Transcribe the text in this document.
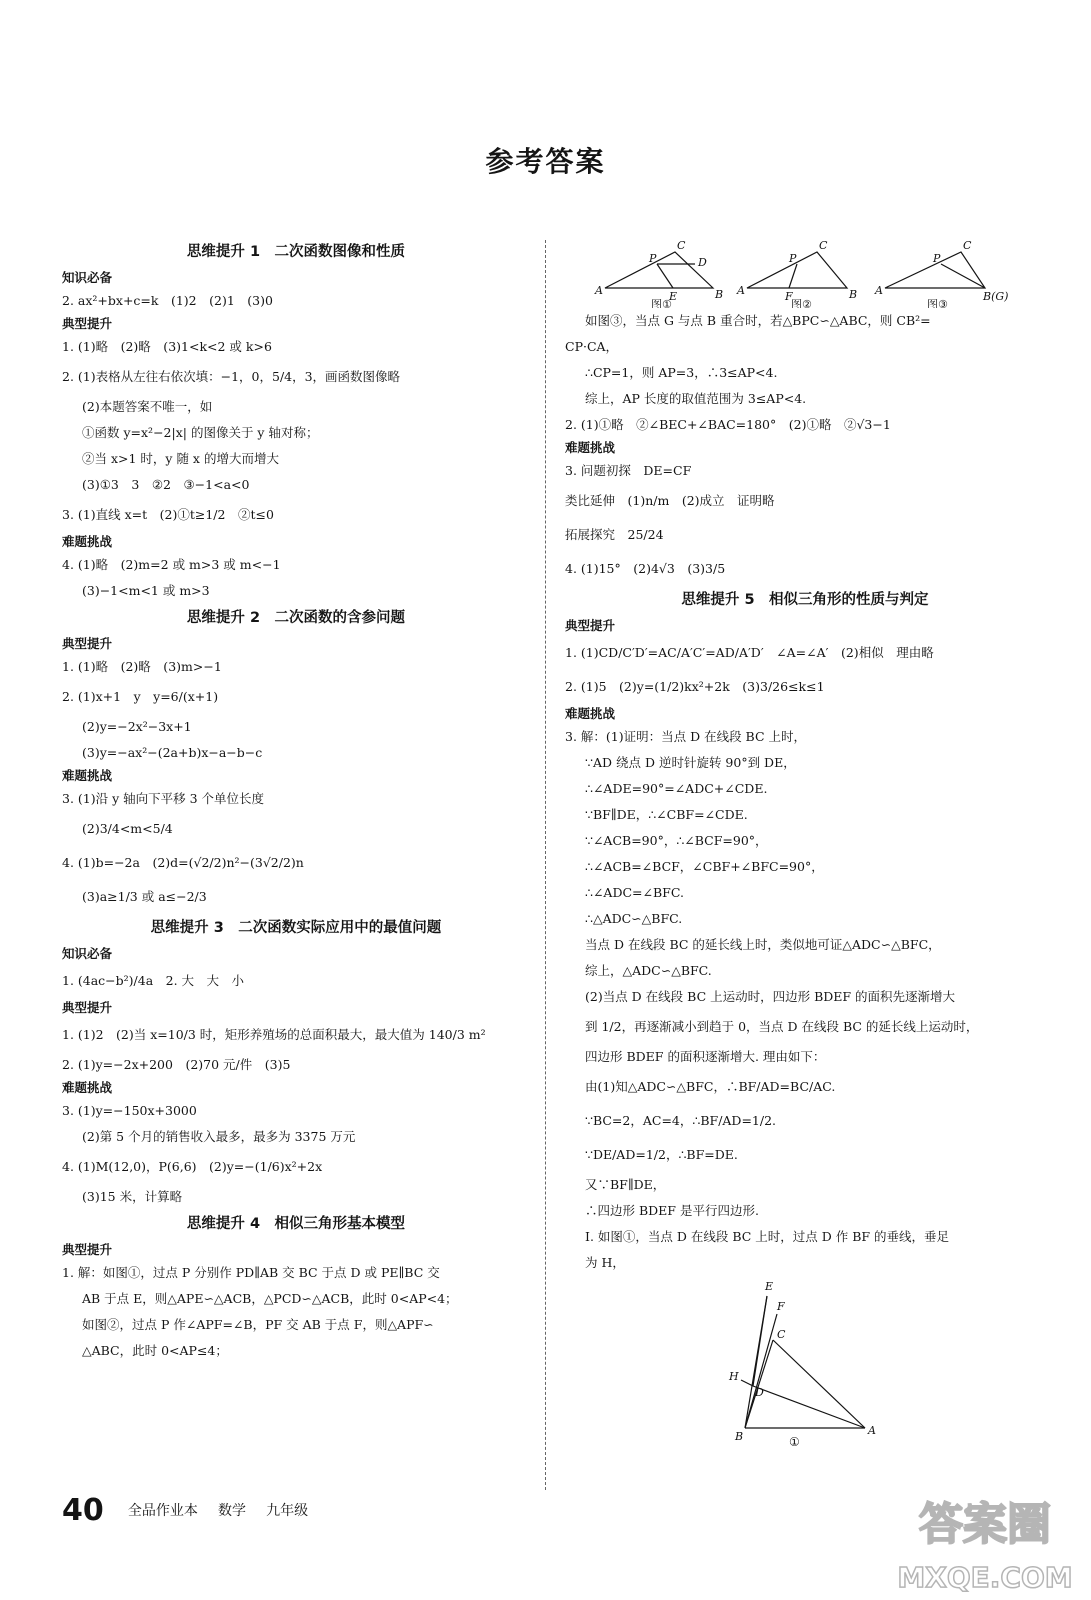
参考答案
思维提升 1　二次函数图像和性质
知识必备
2. ax²+bx+c=k　(1)2　(2)1　(3)0
典型提升
1. (1)略　(2)略　(3)1<k<2 或 k>6
2. (1)表格从左往右依次填：−1，0，5/4，3，画函数图像略
(2)本题答案不唯一，如
①函数 y=x²−2|x| 的图像关于 y 轴对称；
②当 x>1 时，y 随 x 的增大而增大
(3)①3　3　②2　③−1<a<0
3. (1)直线 x=t　(2)①t≥1/2　②t≤0
难题挑战
4. (1)略　(2)m=2 或 m>3 或 m<−1
(3)−1<m<1 或 m>3
思维提升 2　二次函数的含参问题
典型提升
1. (1)略　(2)略　(3)m>−1
2. (1)x+1　y　y=6/(x+1)
(2)y=−2x²−3x+1
(3)y=−ax²−(2a+b)x−a−b−c
难题挑战
3. (1)沿 y 轴向下平移 3 个单位长度
(2)3/4<m<5/4
4. (1)b=−2a　(2)d=(√2/2)n²−(3√2/2)n
(3)a≥1/3 或 a≤−2/3
思维提升 3　二次函数实际应用中的最值问题
知识必备
1. (4ac−b²)/4a　2. 大　大　小
典型提升
1. (1)2　(2)当 x=10/3 时，矩形养殖场的总面积最大，最大值为 140/3 m²
2. (1)y=−2x+200　(2)70 元/件　(3)5
难题挑战
3. (1)y=−150x+3000
(2)第 5 个月的销售收入最多，最多为 3375 万元
4. (1)M(12,0)，P(6,6)　(2)y=−(1/6)x²+2x
(3)15 米，计算略
思维提升 4　相似三角形基本模型
典型提升
1. 解：如图①，过点 P 分别作 PD∥AB 交 BC 于点 D 或 PE∥BC 交
AB 于点 E，则△APE∽△ACB，△PCD∽△ACB，此时 0<AP<4；
如图②，过点 P 作∠APF=∠B，PF 交 AB 于点 F，则△APF∽
△ABC，此时 0<AP≤4；
A	B
C
P	D
E	A	B
C
P
F	A	B(G)
C
P
图①	图②	图③
如图③，当点 G 与点 B 重合时，若△BPC∽△ABC，则 CB²=
CP·CA，
∴CP=1，则 AP=3，∴3≤AP<4.
综上，AP 长度的取值范围为 3≤AP<4.
2. (1)①略　②∠BEC+∠BAC=180°　(2)①略　②√3−1
难题挑战
3. 问题初探　DE=CF
类比延伸　(1)n/m　(2)成立　证明略
拓展探究　25/24
4. (1)15°　(2)4√3　(3)3/5
思维提升 5　相似三角形的性质与判定
典型提升
1. (1)CD/C′D′=AC/A′C′=AD/A′D′　∠A=∠A′　(2)相似　理由略
2. (1)5　(2)y=(1/2)kx²+2k　(3)3/26≤k≤1
难题挑战
3. 解：(1)证明：当点 D 在线段 BC 上时，
∵AD 绕点 D 逆时针旋转 90°到 DE，
∴∠ADE=90°=∠ADC+∠CDE.
∵BF∥DE，∴∠CBF=∠CDE.
∵∠ACB=90°，∴∠BCF=90°，
∴∠ACB=∠BCF，∠CBF+∠BFC=90°，
∴∠ADC=∠BFC.
∴△ADC∽△BFC.
当点 D 在线段 BC 的延长线上时，类似地可证△ADC∽△BFC，
综上，△ADC∽△BFC.
(2)当点 D 在线段 BC 上运动时，四边形 BDEF 的面积先逐渐增大
到 1/2，再逐渐减小到趋于 0，当点 D 在线段 BC 的延长线上运动时，
四边形 BDEF 的面积逐渐增大. 理由如下：
由(1)知△ADC∽△BFC，∴BF/AD=BC/AC.
∵BC=2，AC=4，∴BF/AD=1/2.
∵DE/AD=1/2，∴BF=DE.
又∵BF∥DE，
∴四边形 BDEF 是平行四边形.
Ⅰ. 如图①，当点 D 在线段 BC 上时，过点 D 作 BF 的垂线，垂足
为 H，
E
F
C
H
D
B	A
①
40 全品作业本 数学 九年级	答案圈
MXQE.COM
